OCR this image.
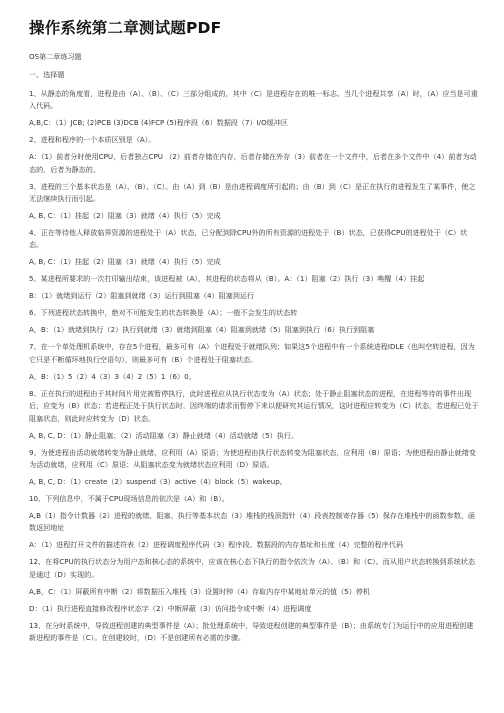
操作系统第二章测试题PDF

OS第二章练习题

一、选择题

1、从静态的角度看，进程是由（A）、（B）、（C）三部分组成的，其中（C）是进程存在的唯一标志。当几个进程共享（A）时，（A）应当是可重入代码。

A,B,C：（1）JCB; (2)PCB (3)DCB (4)FCP (5)程序段（6）数据段（7）I/O缓冲区

2、进程和程序的一个本质区别是（A）。

A：（1）前者分时使用CPU，后者独占CPU （2）前者存储在内存，后者存储在外存（3）前者在一个文件中，后者在多个文件中（4）前者为动态的，后者为静态的。

3、进程的三个基本状态是（A）、（B）、（C）。由（A）到（B）是由进程调度所引起的；由（B）到（C）是正在执行的进程发生了某事件，使之无法继续执行而引起。

A, B, C：（1）挂起（2）阻塞（3）就绪（4）执行（5）完成

4、正在等待他人释放临界资源的进程处于（A）状态，已分配到除CPU外的所有资源的进程处于（B）状态，已获得CPU的进程处于（C）状态。

A, B, C：（1）挂起（2）阻塞（3）就绪（4）执行（5）完成

5、某进程所要求的一次打印输出结束，该进程被（A），其进程的状态将从（B）。A：（1）阻塞（2）执行（3）唤醒（4）挂起

B：（1）就绪到运行（2）阻塞到就绪（3）运行到阻塞（4）阻塞到运行

6、下列进程状态转换中，绝对不可能发生的状态转换是（A）；一般不会发生的状态转

A，B：（1）就绪到执行（2）执行到就绪（3）就绪到阻塞（4）阻塞到就绪（5）阻塞到执行（6）执行到阻塞

7、在一个单处理机系统中，存在5个进程，最多可有（A）个进程处于就绪队列；如果这5个进程中有一个系统进程IDLE（也叫空转进程，因为它只是不断循环地执行空语句），则最多可有（B）个进程处于阻塞状态。

A，B：（1）5（2）4（3）3（4）2（5）1（6）0。

8、正在执行的进程由于其时间片用完被暂停执行，此时进程应从执行状态变为（A）状态；处于静止阻塞状态的进程，在进程等待的事件出现后，应变为（B）状态；若进程正处于执行状态时，因终端的请求而暂停下来以便研究其运行情况，这时进程应转变为（C）状态，若进程已处于阻塞状态，则此时应转变为（D）状态。

A, B, C, D：（1）静止阻塞；（2）活动阻塞（3）静止就绪（4）活动就绪（5）执行。

9、为使进程由活动就绪转变为静止就绪，应利用（A）原语；为使进程由执行状态转变为阻塞状态，应利用（B）原语；为使进程由静止就绪变为活动就绪，应利用（C）原语；从阻塞状态变为就绪状态应利用（D）原语。

A, B, C, D：（1）create（2）suspend（3）active（4）block（5）wakeup。

10、下列信息中，不属于CPU现场信息的依次是（A）和（B）。

A,B（1）指令计数器（2）进程的就绪、阻塞、执行等基本状态（3）堆栈的栈顶指针（4）段表控制寄存器（5）保存在堆栈中的函数参数、函数返回地址

A：（1）进程打开文件的描述符表（2）进程调度程序代码（3）程序段、数据段的内存基址和长度（4）完整的程序代码

12、在将CPU的执行状态分为用户态和核心态的系统中，应该在核心态下执行的指令依次为（A）、（B）和（C）。而从用户状态转换到系统状态是通过（D）实现的。

A,B，C：（1）屏蔽所有中断（2）将数据压入堆栈（3）设置时钟（4）存取内存中某地址单元的值（5）停机

D：（1）执行进程直接修改程序状态字（2）中断屏蔽（3）访问指令或中断（4）进程调度

13、在分时系统中，导致进程创建的典型事件是（A）；批处理系统中，导致进程创建的典型事件是（B）；由系统专门为运行中的应用进程创建新进程的事件是（C）。在创建较时，（D）不是创建所有必需的步骤。
